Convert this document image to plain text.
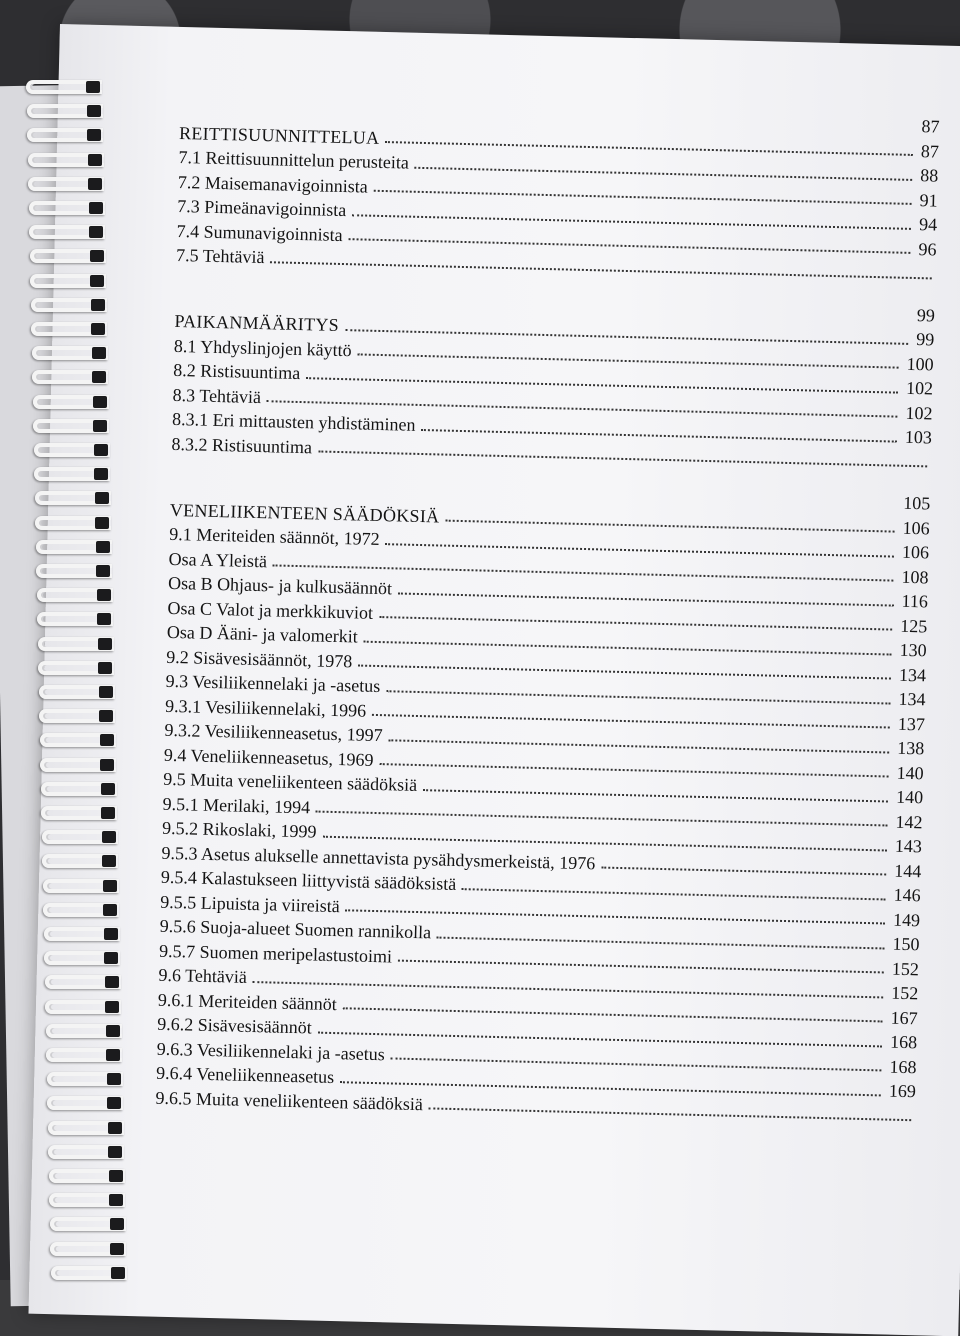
87
REITTISUUNNITTELUA
87
7.1 Reittisuunnittelun perusteita
88
7.2 Maisemanavigoinnista
91
7.3 Pimeänavigoinnista
94
7.4 Sumunavigoinnista
96
7.5 Tehtäviä
99
PAIKANMÄÄRITYS
99
8.1 Yhdyslinjojen käyttö
100
8.2 Ristisuuntima
102
8.3 Tehtäviä
102
8.3.1 Eri mittausten yhdistäminen
103
8.3.2 Ristisuuntima
105
VENELIIKENTEEN SÄÄDÖKSIÄ
106
9.1 Meriteiden säännöt, 1972
106
Osa A Yleistä
108
Osa B Ohjaus- ja kulkusäännöt
116
Osa C Valot ja merkkikuviot
125
Osa D Ääni- ja valomerkit
130
9.2 Sisävesisäännöt, 1978
134
9.3 Vesiliikennelaki ja -asetus
134
9.3.1 Vesiliikennelaki, 1996
137
9.3.2 Vesiliikenneasetus, 1997
138
9.4 Veneliikenneasetus, 1969
140
9.5 Muita veneliikenteen säädöksiä
140
9.5.1 Merilaki, 1994
142
9.5.2 Rikoslaki, 1999
143
9.5.3 Asetus alukselle annettavista pysähdysmerkeistä, 1976	144
9.5.4 Kalastukseen liittyvistä säädöksistä
146
9.5.5 Lipuista ja viireistä
149
9.5.6 Suoja-alueet Suomen rannikolla
150
9.5.7 Suomen meripelastustoimi
152
9.6 Tehtäviä
152
9.6.1 Meriteiden säännöt
167
9.6.2 Sisävesisäännöt
168
9.6.3 Vesiliikennelaki ja -asetus
168
9.6.4 Veneliikenneasetus
169
9.6.5 Muita veneliikenteen säädöksiä
